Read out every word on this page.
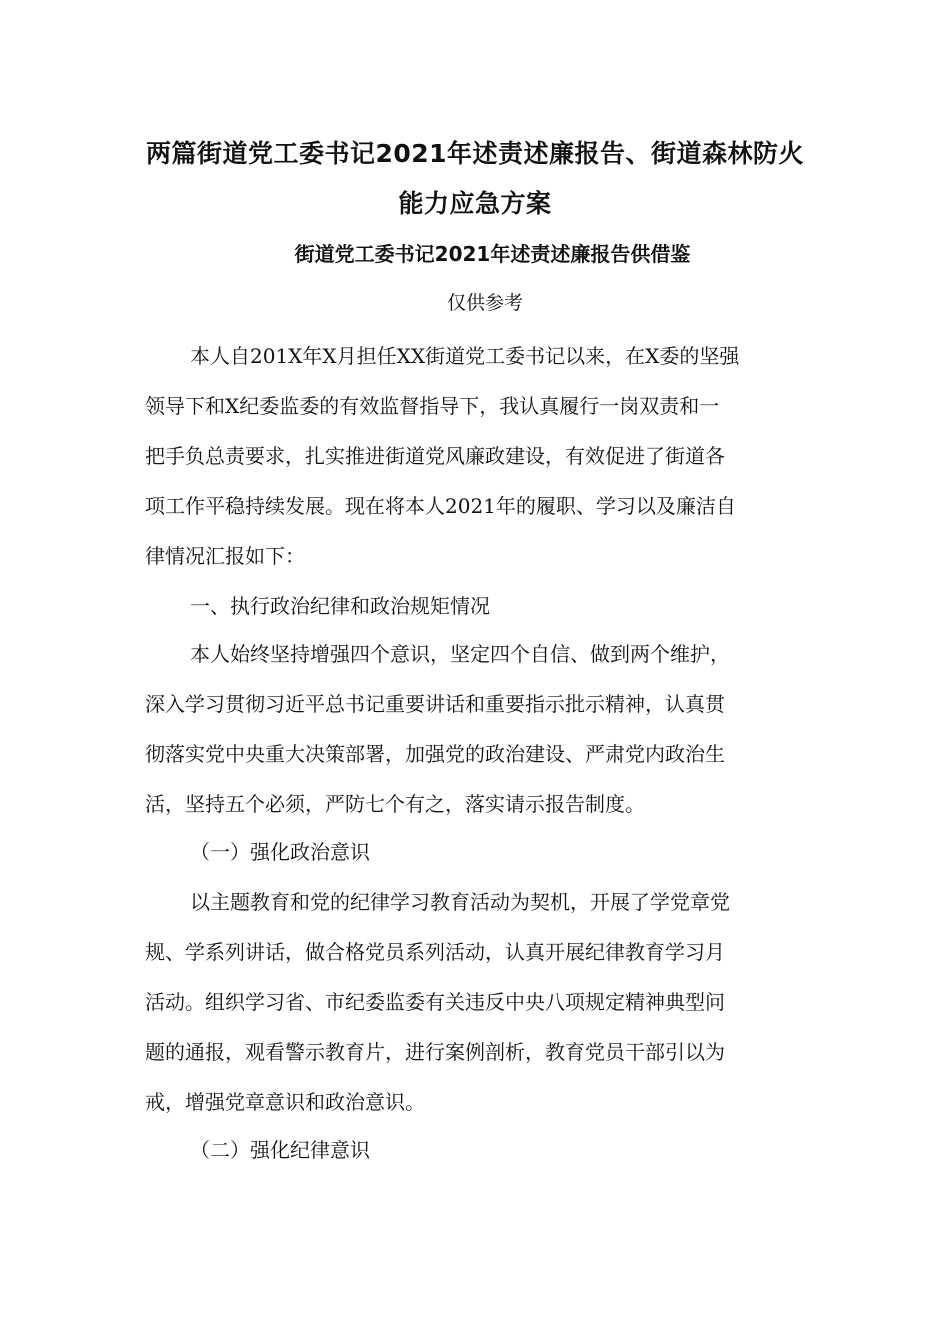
两篇街道党工委书记2021年述责述廉报告、街道森林防火
能力应急方案
街道党工委书记2021年述责述廉报告供借鉴
仅供参考
本人自201X年X月担任XX街道党工委书记以来，在X委的坚强
领导下和X纪委监委的有效监督指导下，我认真履行一岗双责和一
把手负总责要求，扎实推进街道党风廉政建设，有效促进了街道各
项工作平稳持续发展。现在将本人2021年的履职、学习以及廉洁自
律情况汇报如下：
一、执行政治纪律和政治规矩情况
本人始终坚持增强四个意识，坚定四个自信、做到两个维护，
深入学习贯彻习近平总书记重要讲话和重要指示批示精神，认真贯
彻落实党中央重大决策部署，加强党的政治建设、严肃党内政治生
活，坚持五个必须，严防七个有之，落实请示报告制度。
（一）强化政治意识
以主题教育和党的纪律学习教育活动为契机，开展了学党章党
规、学系列讲话，做合格党员系列活动，认真开展纪律教育学习月
活动。组织学习省、市纪委监委有关违反中央八项规定精神典型问
题的通报，观看警示教育片，进行案例剖析，教育党员干部引以为
戒，增强党章意识和政治意识。
（二）强化纪律意识
